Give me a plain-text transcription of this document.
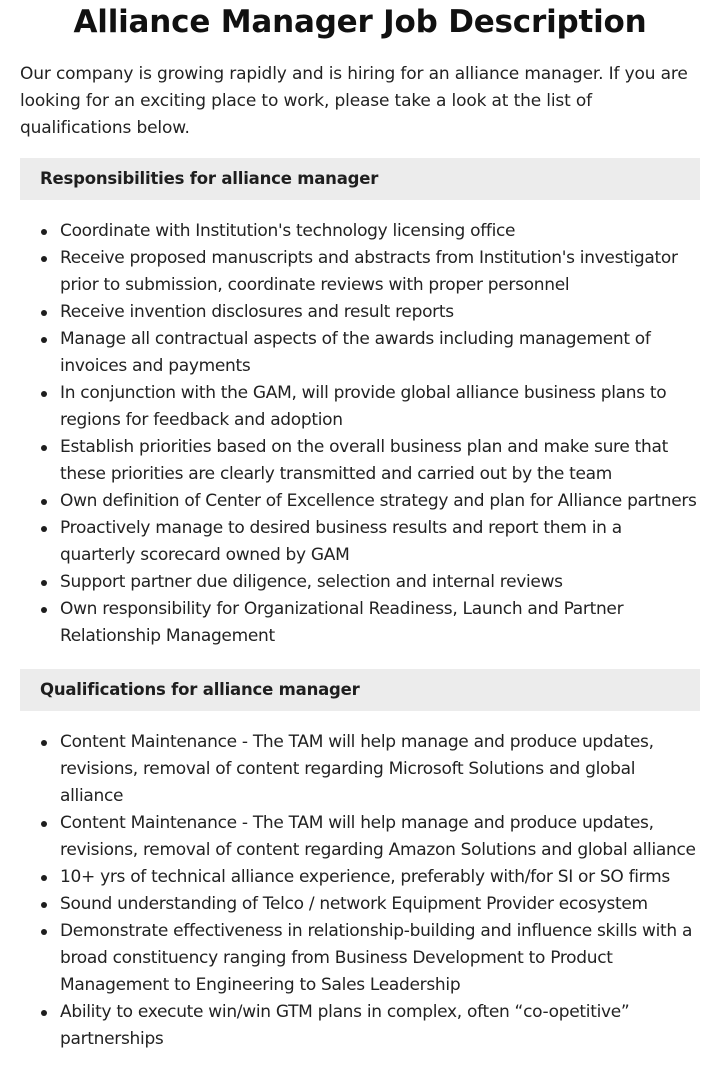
Alliance Manager Job Description

Our company is growing rapidly and is hiring for an alliance manager. If you are looking for an exciting place to work, please take a look at the list of qualifications below.

Responsibilities for alliance manager
Coordinate with Institution's technology licensing office
Receive proposed manuscripts and abstracts from Institution's investigator prior to submission, coordinate reviews with proper personnel
Receive invention disclosures and result reports
Manage all contractual aspects of the awards including management of invoices and payments
In conjunction with the GAM, will provide global alliance business plans to regions for feedback and adoption
Establish priorities based on the overall business plan and make sure that these priorities are clearly transmitted and carried out by the team
Own definition of Center of Excellence strategy and plan for Alliance partners
Proactively manage to desired business results and report them in a quarterly scorecard owned by GAM
Support partner due diligence, selection and internal reviews
Own responsibility for Organizational Readiness, Launch and Partner Relationship Management
Qualifications for alliance manager
Content Maintenance - The TAM will help manage and produce updates, revisions, removal of content regarding Microsoft Solutions and global alliance
Content Maintenance - The TAM will help manage and produce updates, revisions, removal of content regarding Amazon Solutions and global alliance
10+ yrs of technical alliance experience, preferably with/for SI or SO firms
Sound understanding of Telco / network Equipment Provider ecosystem
Demonstrate effectiveness in relationship-building and influence skills with a broad constituency ranging from Business Development to Product Management to Engineering to Sales Leadership
Ability to execute win/win GTM plans in complex, often “co-opetitive” partnerships
